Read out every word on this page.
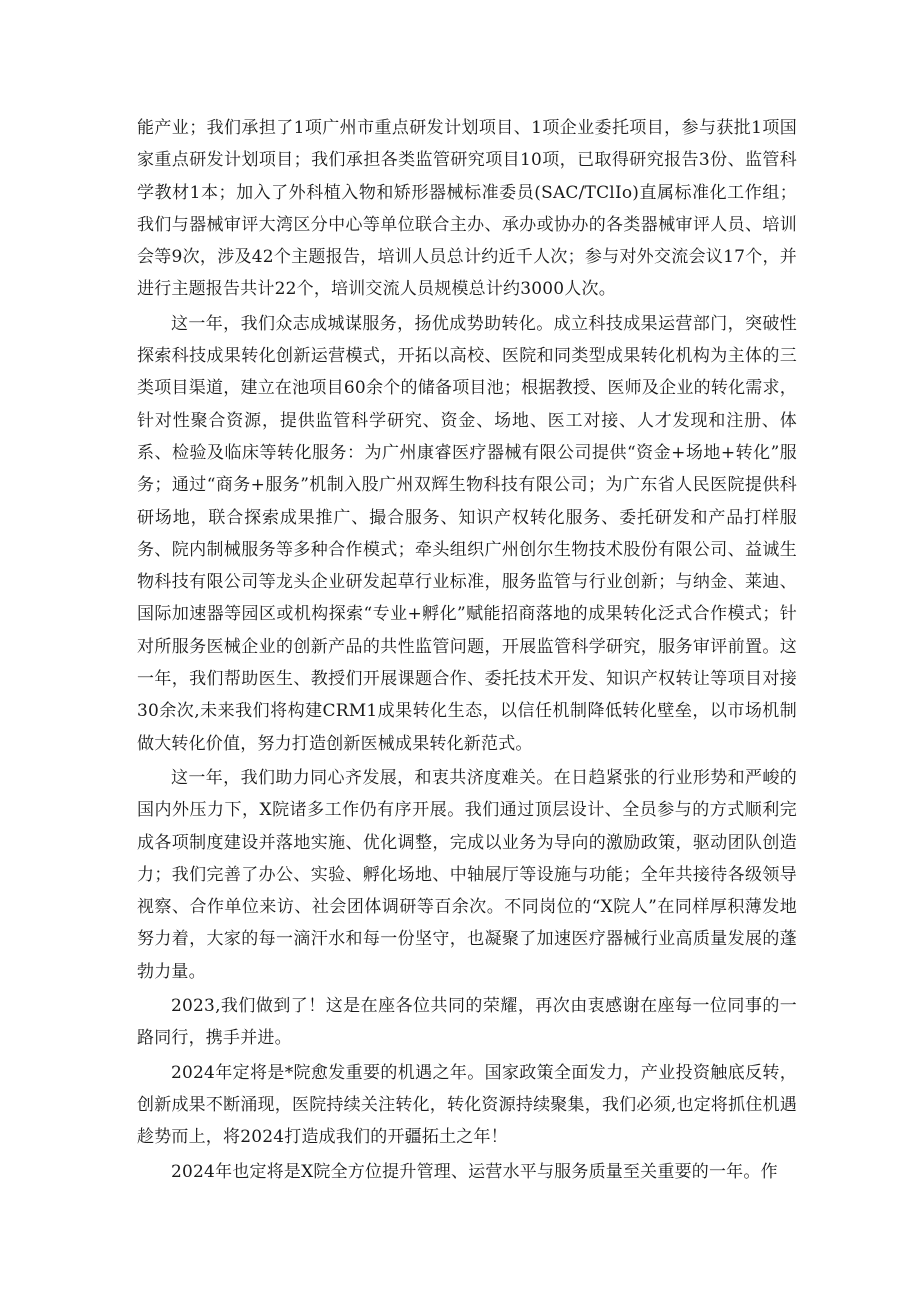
能产业；我们承担了1项广州市重点研发计划项目、1项企业委托项目，参与获批1项国家重点研发计划项目；我们承担各类监管研究项目10项，已取得研究报告3份、监管科学教材1本；加入了外科植入物和矫形器械标准委员(SAC/TClIo)直属标准化工作组；我们与器械审评大湾区分中心等单位联合主办、承办或协办的各类器械审评人员、培训会等9次，涉及42个主题报告，培训人员总计约近千人次；参与对外交流会议17个，并进行主题报告共计22个，培训交流人员规模总计约3000人次。

这一年，我们众志成城谋服务，扬优成势助转化。成立科技成果运营部门，突破性探索科技成果转化创新运营模式，开拓以高校、医院和同类型成果转化机构为主体的三类项目渠道，建立在池项目60余个的储备项目池；根据教授、医师及企业的转化需求，针对性聚合资源，提供监管科学研究、资金、场地、医工对接、人才发现和注册、体系、检验及临床等转化服务：为广州康睿医疗器械有限公司提供“资金+场地+转化”服务；通过“商务+服务”机制入股广州双辉生物科技有限公司；为广东省人民医院提供科研场地，联合探索成果推广、撮合服务、知识产权转化服务、委托研发和产品打样服务、院内制械服务等多种合作模式；牵头组织广州创尔生物技术股份有限公司、益诚生物科技有限公司等龙头企业研发起草行业标准，服务监管与行业创新；与纳金、莱迪、国际加速器等园区或机构探索“专业+孵化”赋能招商落地的成果转化泛式合作模式；针对所服务医械企业的创新产品的共性监管问题，开展监管科学研究，服务审评前置。这一年，我们帮助医生、教授们开展课题合作、委托技术开发、知识产权转让等项目对接30余次,未来我们将构建CRM1成果转化生态，以信任机制降低转化壁垒，以市场机制做大转化价值，努力打造创新医械成果转化新范式。

这一年，我们助力同心齐发展，和衷共济度难关。在日趋紧张的行业形势和严峻的国内外压力下，X院诸多工作仍有序开展。我们通过顶层设计、全员参与的方式顺利完成各项制度建设并落地实施、优化调整，完成以业务为导向的激励政策，驱动团队创造力；我们完善了办公、实验、孵化场地、中轴展厅等设施与功能；全年共接待各级领导视察、合作单位来访、社会团体调研等百余次。不同岗位的“X院人”在同样厚积薄发地努力着，大家的每一滴汗水和每一份坚守，也凝聚了加速医疗器械行业高质量发展的蓬勃力量。

2023,我们做到了！这是在座各位共同的荣耀，再次由衷感谢在座每一位同事的一路同行，携手并进。

2024年定将是*院愈发重要的机遇之年。国家政策全面发力，产业投资触底反转，创新成果不断涌现，医院持续关注转化，转化资源持续聚集，我们必须,也定将抓住机遇趁势而上，将2024打造成我们的开疆拓土之年！

2024年也定将是X院全方位提升管理、运营水平与服务质量至关重要的一年。作
